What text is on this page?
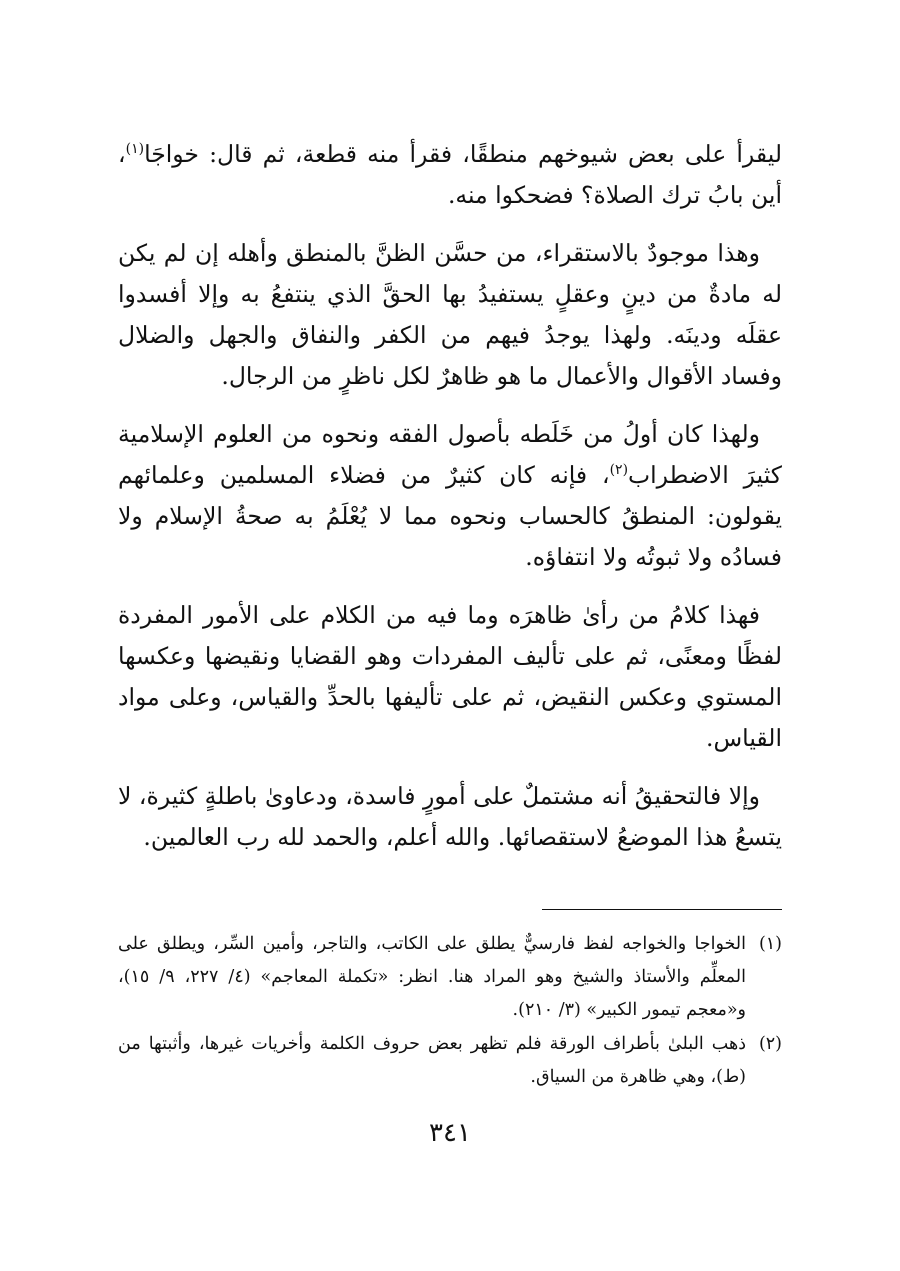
ليقرأ على بعض شيوخهم منطقًا، فقرأ منه قطعة، ثم قال: خواجَا$^{(١)}$، أين بابُ ترك الصلاة؟ فضحكوا منه.

وهذا موجودٌ بالاستقراء، من حسَّن الظنَّ بالمنطق وأهله إن لم يكن له مادةٌ من دينٍ وعقلٍ يستفيدُ بها الحقَّ الذي ينتفعُ به وإلا أفسدوا عقلَه ودينَه. ولهذا يوجدُ فيهم من الكفر والنفاق والجهل والضلال وفساد الأقوال والأعمال ما هو ظاهرٌ لكل ناظرٍ من الرجال.

ولهذا كان أولُ من خَلَطه بأصول الفقه ونحوه من العلوم الإسلامية كثيرَ الاضطراب$^{(٢)}$، فإنه كان كثيرٌ من فضلاء المسلمين وعلمائهم يقولون: المنطقُ كالحساب ونحوه مما لا يُعْلَمُ به صحةُ الإسلام ولا فسادُه ولا ثبوتُه ولا انتفاؤه.

فهذا كلامُ من رأىٰ ظاهرَه وما فيه من الكلام على الأمور المفردة لفظًا ومعنًى، ثم على تأليف المفردات وهو القضايا ونقيضها وعكسها المستوي وعكس النقيض، ثم على تأليفها بالحدِّ والقياس، وعلى مواد القياس.

وإلا فالتحقيقُ أنه مشتملٌ على أمورٍ فاسدة، ودعاوىٰ باطلةٍ كثيرة، لا يتسعُ هذا الموضعُ لاستقصائها. والله أعلم، والحمد لله رب العالمين.

(١)
الخواجا والخواجه لفظ فارسيٌّ يطلق على الكاتب، والتاجر، وأمين السِّر، ويطلق على المعلِّم والأستاذ والشيخ وهو المراد هنا. انظر: «تكملة المعاجم» (٤/ ٢٢٧، ٩/ ١٥)، و«معجم تيمور الكبير» (٣/ ٢١٠).
(٢)
ذهب البلىٰ بأطراف الورقة فلم تظهر بعض حروف الكلمة وأخريات غيرها، وأثبتها من (ط)، وهي ظاهرة من السياق.
٣٤١
